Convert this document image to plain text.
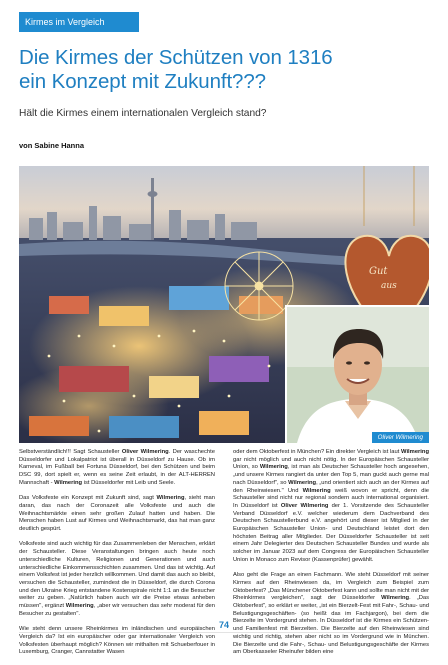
Kirmes im Vergleich
Die Kirmes der Schützen von 1316
ein Konzept mit Zukunft???

Hält die Kirmes einem internationalen Vergleich stand?

von Sabine Hanna

Gut
aus
Oliver Wilmering

Selbstverständlich!!! Sagt Schausteller Oliver Wilmering. Der waschechte Düsseldorfer und Lokalpatriot ist überall in Düsseldorf zu Hause. Ob im Karneval, im Fußball bei Fortuna Düsseldorf, bei den Schützen und beim DSC 99, dort spielt er, wenn es seine Zeit erlaubt, in der ALT-HERREN Mannschaft - Wilmering ist Düsseldorfer mit Leib und Seele.

Das Volksfeste ein Konzept mit Zukunft sind, sagt Wilmering, sieht man daran, das nach der Coronazeit alle Volksfeste und auch die Weihnachtsmärkte einen sehr großen Zulauf hatten und haben. Die Menschen haben Lust auf Kirmes und Weihnachtsmarkt, das hat man ganz deutlich gespürt.

Volksfeste sind auch wichtig für das Zusammenleben der Menschen, erklärt der Schausteller. Diese Veranstaltungen bringen auch heute noch unterschiedliche Kulturen, Religionen und Generationen und auch unterschiedliche Einkommensschichten zusammen. Und das ist wichtig. Auf einem Volksfest ist jeder herzlich willkommen. Und damit das auch so bleibt, versuchen die Schausteller, zumindest die in Düsseldorf, die durch Corona und den Ukraine Krieg entstandene Kostenspirale nicht 1:1 an die Besucher weiter zu geben. „Natürlich haben auch wir die Preise etwas anheben müssen", ergänzt Wilmering, „aber wir versuchen das sehr moderat für den Besucher zu gestalten".

Wie steht denn unsere Rheinkirmes im inländischen und europäischen Vergleich da? Ist ein europäischer oder gar internationaler Vergleich von Volksfesten überhaupt möglich? Können wir mithalten mit Schueberfouer in Luxemburg, Cranger, Cannstatter Wasen

oder dem Oktoberfest in München? Ein direkter Vergleich ist laut Wilmering gar nicht möglich und auch nicht nötig. In der Europäischen Schausteller Union, so Wilmering, ist man als Deutscher Schausteller hoch angesehen, „und unsere Kirmes rangiert da unter den Top 5, man guckt auch gerne mal nach Düsseldorf", so Wilmering, „und orientiert sich auch an der Kirmes auf den Rheinwiesen." Und Wilmering weiß wovon er spricht, denn die Schausteller sind nicht nur regional sondern auch international organisiert. In Düsseldorf ist Oliver Wilmering der 1. Vorsitzende des Schausteller Verband Düsseldorf e.V. welcher wiederum dem Dachverband des Deutschen Schaustellerbund e.V. angehört und dieser ist Mitglied in der Europäischen Schausteller Union- und Deutschland leistet dort den höchsten Beitrag aller Mitglieder. Der Düsseldorfer Schausteller ist seit einem Jahr Delegierter des Deutschen Schausteller Bundes und wurde als solcher im Januar 2023 auf dem Congress der Europäischen Schausteller Union in Monaco zum Revisor (Kassenprüfer) gewählt.

Also geht die Frage an einen Fachmann. Wie steht Düsseldorf mit seiner Kirmes auf den Rheinwiesen da, im Vergleich zum Beispiel zum Oktoberfest? „Das Münchener Oktoberfest kann und sollte man nicht mit der Rheinkirmes vergleichen", sagt der Düsseldorfer Wilmering. „Das Oktoberfest", so erklärt er weiter, „ist ein Bierzelt-Fest mit Fahr-, Schau- und Belustigungsgeschäften- (so heißt das im Fachjargon), bei dem die Bierzelte im Vordergrund stehen. In Düsseldorf ist die Kirmes ein Schützen- und Familienfest mit Bierzelten. Die Bierzelte auf den Rheinwiesen sind wichtig und richtig, stehen aber nicht so im Vordergrund wie in München. Die Bierzelte und die Fahr-, Schau- und Belustigungsgeschäfte der Kirmes am Oberkasseler Rheinufer bilden eine

74
